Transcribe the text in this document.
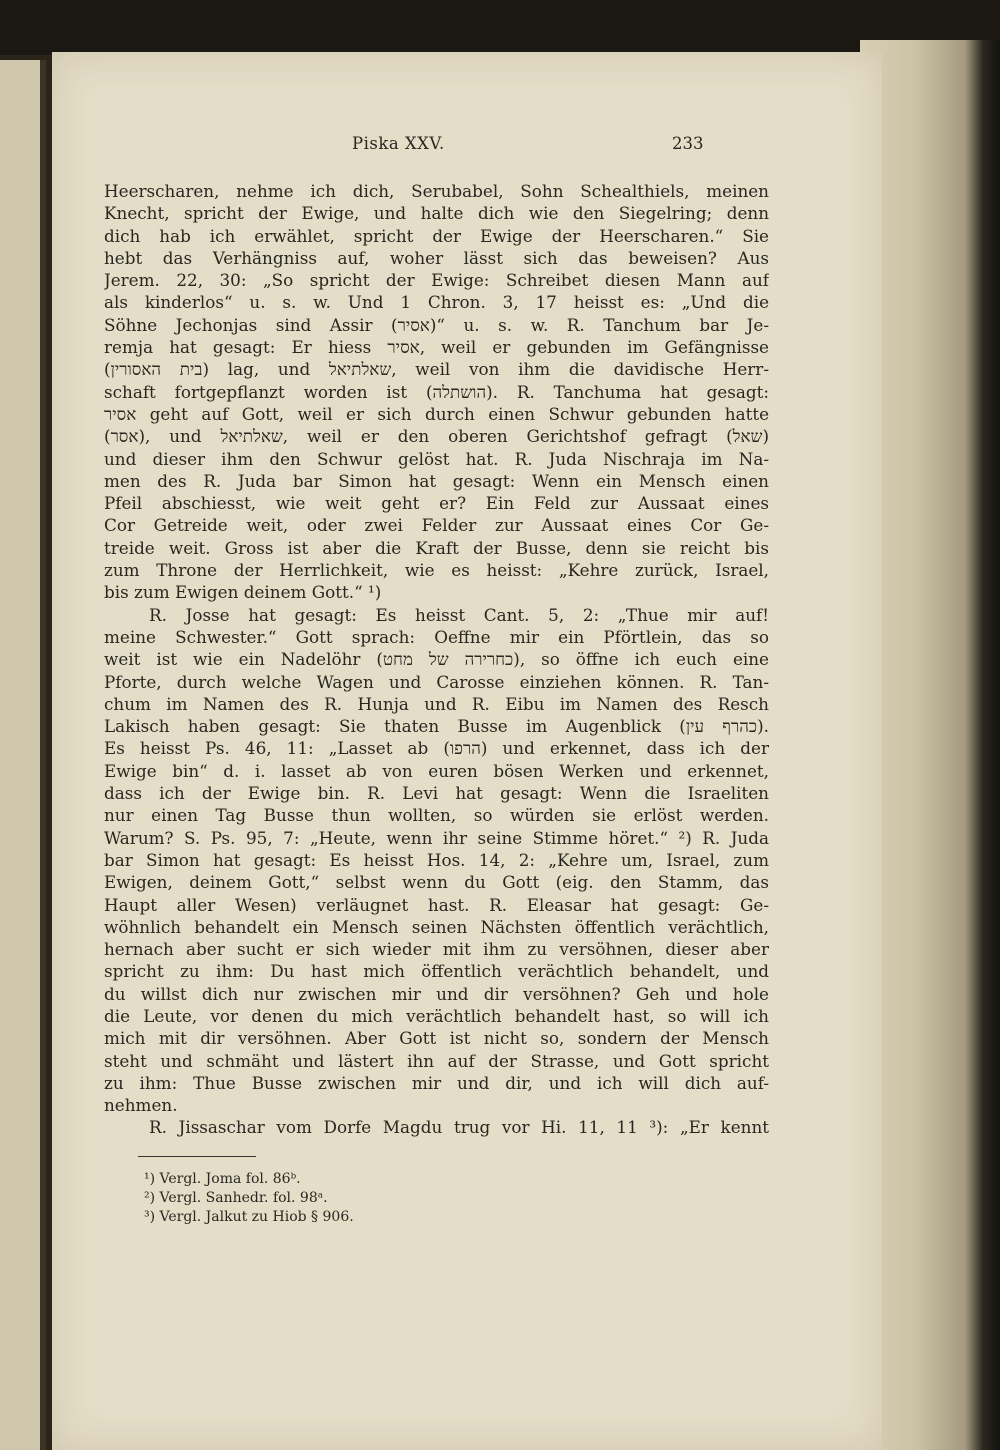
Piska XXV.	233
Heerscharen, nehme ich dich, Serubabel, Sohn Schealthiels, meinen
Knecht, spricht der Ewige, und halte dich wie den Siegelring; denn
dich hab ich erwählet, spricht der Ewige der Heerscharen.“ Sie
hebt das Verhängniss auf, woher lässt sich das beweisen? Aus
Jerem. 22, 30: „So spricht der Ewige: Schreibet diesen Mann auf
als kinderlos“ u. s. w. Und 1 Chron. 3, 17 heisst es: „Und die
Söhne Jechonjas sind Assir (אסיר)“ u. s. w. R. Tanchum bar Je-
remja hat gesagt: Er hiess אסיר, weil er gebunden im Gefängnisse
(בית האסורין) lag, und שאלתיאל, weil von ihm die davidische Herr-
schaft fortgepflanzt worden ist (הושתלה). R. Tanchuma hat gesagt:
אסיר geht auf Gott, weil er sich durch einen Schwur gebunden hatte
(אסר), und שאלתיאל, weil er den oberen Gerichtshof gefragt (שאל)
und dieser ihm den Schwur gelöst hat. R. Juda Nischraja im Na-
men des R. Juda bar Simon hat gesagt: Wenn ein Mensch einen
Pfeil abschiesst, wie weit geht er? Ein Feld zur Aussaat eines
Cor Getreide weit, oder zwei Felder zur Aussaat eines Cor Ge-
treide weit. Gross ist aber die Kraft der Busse, denn sie reicht bis
zum Throne der Herrlichkeit, wie es heisst: „Kehre zurück, Israel,
bis zum Ewigen deinem Gott.“ ¹)
R. Josse hat gesagt: Es heisst Cant. 5, 2: „Thue mir auf!
meine Schwester.“ Gott sprach: Oeffne mir ein Pförtlein, das so
weit ist wie ein Nadelöhr (כחרירה של מחט), so öffne ich euch eine
Pforte, durch welche Wagen und Carosse einziehen können. R. Tan-
chum im Namen des R. Hunja und R. Eibu im Namen des Resch
Lakisch haben gesagt: Sie thaten Busse im Augenblick (כהרף עין).
Es heisst Ps. 46, 11: „Lasset ab (הרפו) und erkennet, dass ich der
Ewige bin“ d. i. lasset ab von euren bösen Werken und erkennet,
dass ich der Ewige bin. R. Levi hat gesagt: Wenn die Israeliten
nur einen Tag Busse thun wollten, so würden sie erlöst werden.
Warum? S. Ps. 95, 7: „Heute, wenn ihr seine Stimme höret.“ ²) R. Juda
bar Simon hat gesagt: Es heisst Hos. 14, 2: „Kehre um, Israel, zum
Ewigen, deinem Gott,“ selbst wenn du Gott (eig. den Stamm, das
Haupt aller Wesen) verläugnet hast. R. Eleasar hat gesagt: Ge-
wöhnlich behandelt ein Mensch seinen Nächsten öffentlich verächtlich,
hernach aber sucht er sich wieder mit ihm zu versöhnen, dieser aber
spricht zu ihm: Du hast mich öffentlich verächtlich behandelt, und
du willst dich nur zwischen mir und dir versöhnen? Geh und hole
die Leute, vor denen du mich verächtlich behandelt hast, so will ich
mich mit dir versöhnen. Aber Gott ist nicht so, sondern der Mensch
steht und schmäht und lästert ihn auf der Strasse, und Gott spricht
zu ihm: Thue Busse zwischen mir und dir, und ich will dich auf-
nehmen.
R. Jissaschar vom Dorfe Magdu trug vor Hi. 11, 11 ³): „Er kennt
¹) Vergl. Joma fol. 86ᵇ.
²) Vergl. Sanhedr. fol. 98ᵃ.
³) Vergl. Jalkut zu Hiob § 906.
